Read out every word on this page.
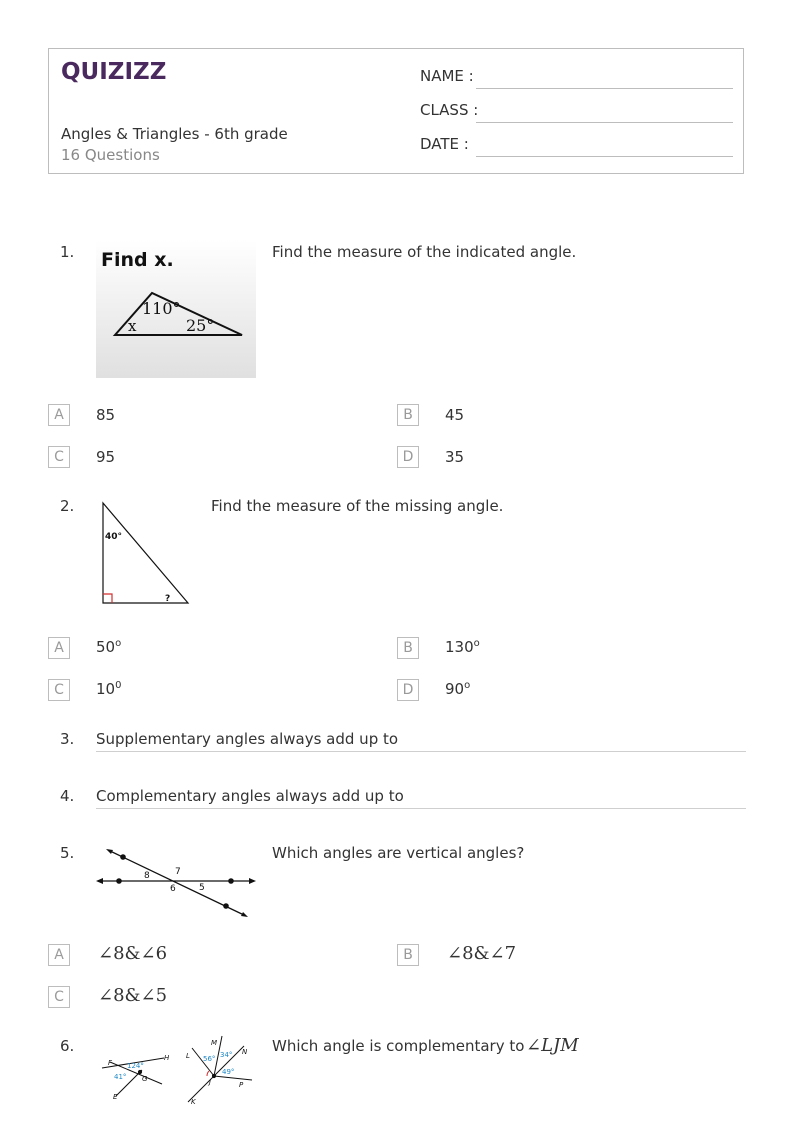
QUIZIZZ
Angles & Triangles - 6th grade
16 Questions
NAME :
CLASS :
DATE :
1. Find x.
110°
25°
x
Find the measure of the indicated angle.
A	85	B	45
C	95	D	35
2.
40°
?
Find the measure of the missing angle.
A	50$^o$	B	130$^o$
C	$10^0$	D	90$^o$
3. Supplementary angles always add up to
4. Complementary angles always add up to
5.
8	7
6	5
Which angles are vertical angles?
A	∠8&∠6	B	∠8&∠7
C	∠8&∠5
6.
F
H
G
E
124°
41°
M
L	N
J
K
P
56° 34°
49°
Which angle is complementary to ∠LJM
